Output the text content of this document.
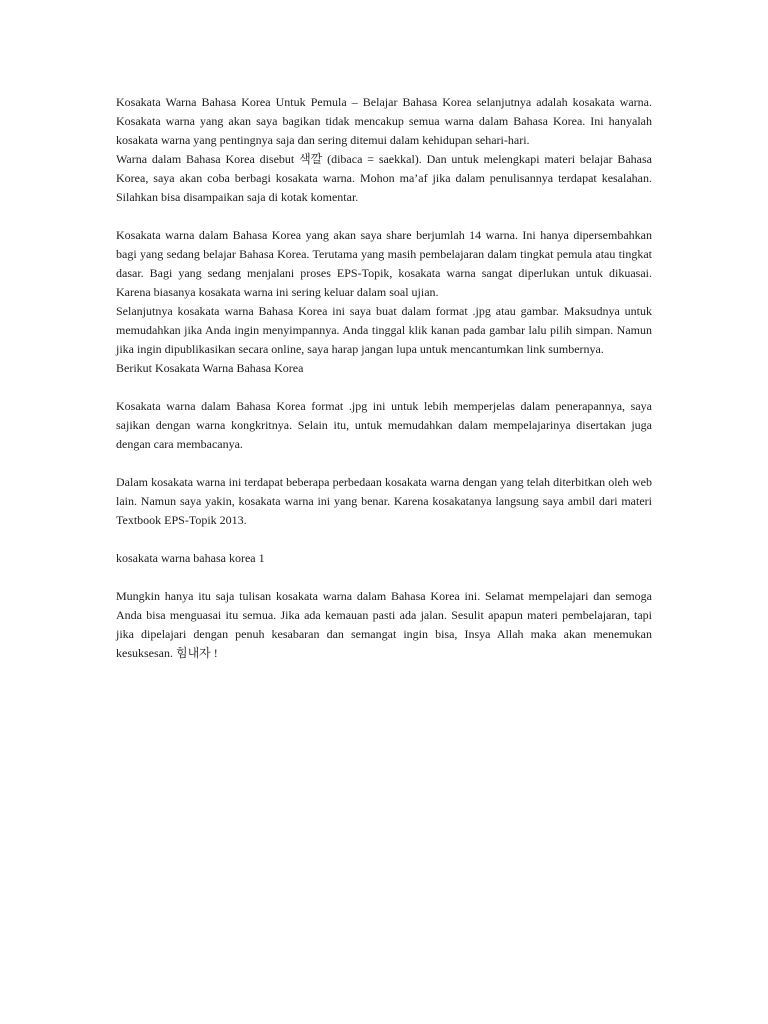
Kosakata Warna Bahasa Korea Untuk Pemula – Belajar Bahasa Korea selanjutnya adalah kosakata warna. Kosakata warna yang akan saya bagikan tidak mencakup semua warna dalam Bahasa Korea. Ini hanyalah kosakata warna yang pentingnya saja dan sering ditemui dalam kehidupan sehari-hari.

Warna dalam Bahasa Korea disebut 색깔 (dibaca = saekkal). Dan untuk melengkapi materi belajar Bahasa Korea, saya akan coba berbagi kosakata warna. Mohon ma’af jika dalam penulisannya terdapat kesalahan. Silahkan bisa disampaikan saja di kotak komentar.

Kosakata warna dalam Bahasa Korea yang akan saya share berjumlah 14 warna. Ini hanya dipersembahkan bagi yang sedang belajar Bahasa Korea. Terutama yang masih pembelajaran dalam tingkat pemula atau tingkat dasar. Bagi yang sedang menjalani proses EPS-Topik, kosakata warna sangat diperlukan untuk dikuasai. Karena biasanya kosakata warna ini sering keluar dalam soal ujian.

Selanjutnya kosakata warna Bahasa Korea ini saya buat dalam format .jpg atau gambar. Maksudnya untuk memudahkan jika Anda ingin menyimpannya. Anda tinggal klik kanan pada gambar lalu pilih simpan. Namun jika ingin dipublikasikan secara online, saya harap jangan lupa untuk mencantumkan link sumbernya.

Berikut Kosakata Warna Bahasa Korea

Kosakata warna dalam Bahasa Korea format .jpg ini untuk lebih memperjelas dalam penerapannya, saya sajikan dengan warna kongkritnya. Selain itu, untuk memudahkan dalam mempelajarinya disertakan juga dengan cara membacanya.

Dalam kosakata warna ini terdapat beberapa perbedaan kosakata warna dengan yang telah diterbitkan oleh web lain. Namun saya yakin, kosakata warna ini yang benar. Karena kosakatanya langsung saya ambil dari materi Textbook EPS-Topik 2013.

kosakata warna bahasa korea 1

Mungkin hanya itu saja tulisan kosakata warna dalam Bahasa Korea ini. Selamat mempelajari dan semoga Anda bisa menguasai itu semua. Jika ada kemauan pasti ada jalan. Sesulit apapun materi pembelajaran, tapi jika dipelajari dengan penuh kesabaran dan semangat ingin bisa, Insya Allah maka akan menemukan kesuksesan. 힘내자 !
